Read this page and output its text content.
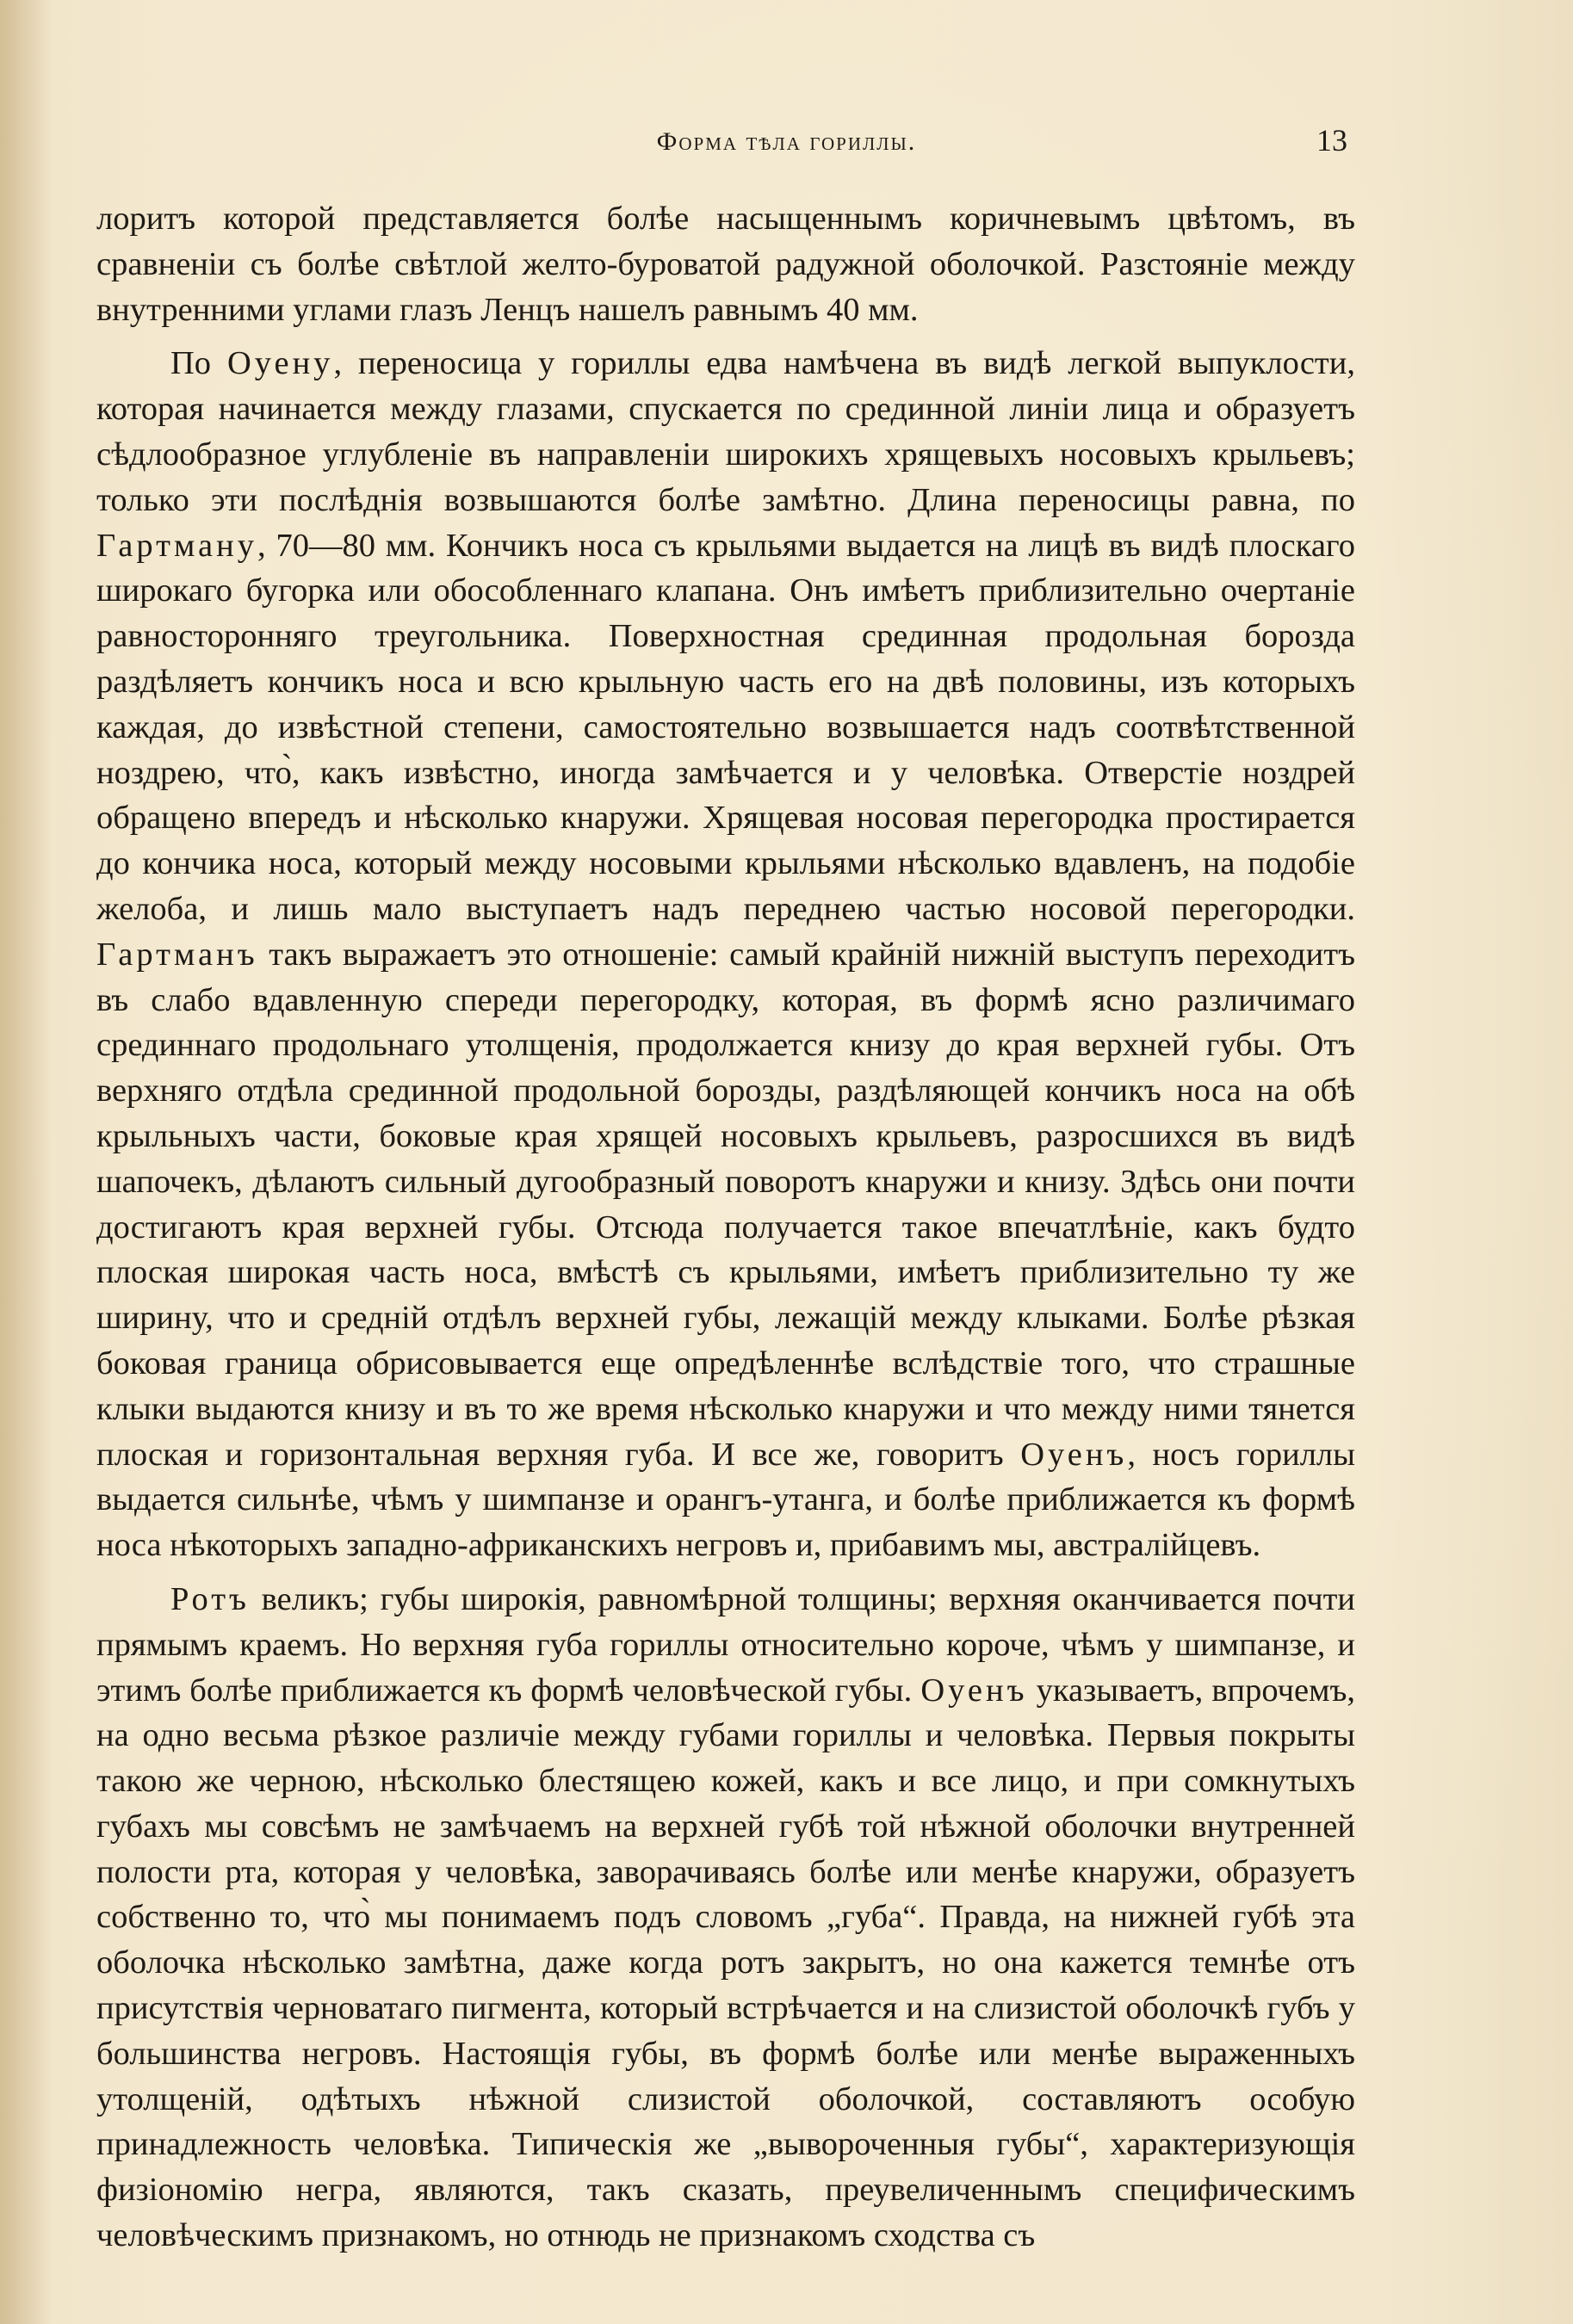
Форма тѣла гориллы.	13

лоритъ которой представляется болѣе насыщеннымъ коричневымъ цвѣтомъ, въ сравненіи съ болѣе свѣтлой желто-буроватой радужной оболочкой. Разстояніе между внутренними углами глазъ Ленцъ нашелъ равнымъ 40 мм.

По Оуену, переносица у гориллы едва намѣчена въ видѣ легкой выпуклости, которая начинается между глазами, спускается по срединной линіи лица и образуетъ сѣдлообразное углубленіе въ направленіи широкихъ хрящевыхъ носовыхъ крыльевъ; только эти послѣднія возвышаются болѣе замѣтно. Длина переносицы равна, по Гартману, 70—80 мм. Кончикъ носа съ крыльями выдается на лицѣ въ видѣ плоскаго широкаго бугорка или обособленнаго клапана. Онъ имѣетъ приблизительно очертаніе равносторонняго треугольника. Поверхностная срединная продольная борозда раздѣляетъ кончикъ носа и всю крыльную часть его на двѣ половины, изъ которыхъ каждая, до извѣстной степени, самостоятельно возвышается надъ соотвѣтственной ноздрею, что̀, какъ извѣстно, иногда замѣчается и у человѣка. Отверстіе ноздрей обращено впередъ и нѣсколько кнаружи. Хрящевая носовая перегородка простирается до кончика носа, который между носовыми крыльями нѣсколько вдавленъ, на подобіе желоба, и лишь мало выступаетъ надъ переднею частью носовой перегородки. Гартманъ такъ выражаетъ это отношеніе: самый крайній нижній выступъ переходитъ въ слабо вдавленную спереди перегородку, которая, въ формѣ ясно различимаго срединнаго продольнаго утолщенія, продолжается книзу до края верхней губы. Отъ верхняго отдѣла срединной продольной борозды, раздѣляющей кончикъ носа на обѣ крыльныхъ части, боковые края хрящей носовыхъ крыльевъ, разросшихся въ видѣ шапочекъ, дѣлаютъ сильный дугообразный поворотъ кнаружи и книзу. Здѣсь они почти достигаютъ края верхней губы. Отсюда получается такое впечатлѣніе, какъ будто плоская широкая часть носа, вмѣстѣ съ крыльями, имѣетъ приблизительно ту же ширину, что и средній отдѣлъ верхней губы, лежащій между клыками. Болѣе рѣзкая боковая граница обрисовывается еще опредѣленнѣе вслѣдствіе того, что страшные клыки выдаются книзу и въ то же время нѣсколько кнаружи и что между ними тянется плоская и горизонтальная верхняя губа. И все же, говоритъ Оуенъ, носъ гориллы выдается сильнѣе, чѣмъ у шимпанзе и орангъ-утанга, и болѣе приближается къ формѣ носа нѣкоторыхъ западно-африканскихъ негровъ и, прибавимъ мы, австралійцевъ.

Ротъ великъ; губы широкія, равномѣрной толщины; верхняя оканчивается почти прямымъ краемъ. Но верхняя губа гориллы относительно короче, чѣмъ у шимпанзе, и этимъ болѣе приближается къ формѣ человѣческой губы. Оуенъ указываетъ, впрочемъ, на одно весьма рѣзкое различіе между губами гориллы и человѣка. Первыя покрыты такою же черною, нѣсколько блестящею кожей, какъ и все лицо, и при сомкнутыхъ губахъ мы совсѣмъ не замѣчаемъ на верхней губѣ той нѣжной оболочки внутренней полости рта, которая у человѣка, заворачиваясь болѣе или менѣе кнаружи, образуетъ собственно то, что̀ мы понимаемъ подъ словомъ „губа“. Правда, на нижней губѣ эта оболочка нѣсколько замѣтна, даже когда ротъ закрытъ, но она кажется темнѣе отъ присутствія черноватаго пигмента, который встрѣчается и на слизистой оболочкѣ губъ у большинства негровъ. Настоящія губы, въ формѣ болѣе или менѣе выраженныхъ утолщеній, одѣтыхъ нѣжной слизистой оболочкой, составляютъ особую принадлежность человѣка. Типическія же „вывороченныя губы“, характеризующія физіономію негра, являются, такъ сказать, преувеличеннымъ специфическимъ человѣческимъ признакомъ, но отнюдь не признакомъ сходства съ
